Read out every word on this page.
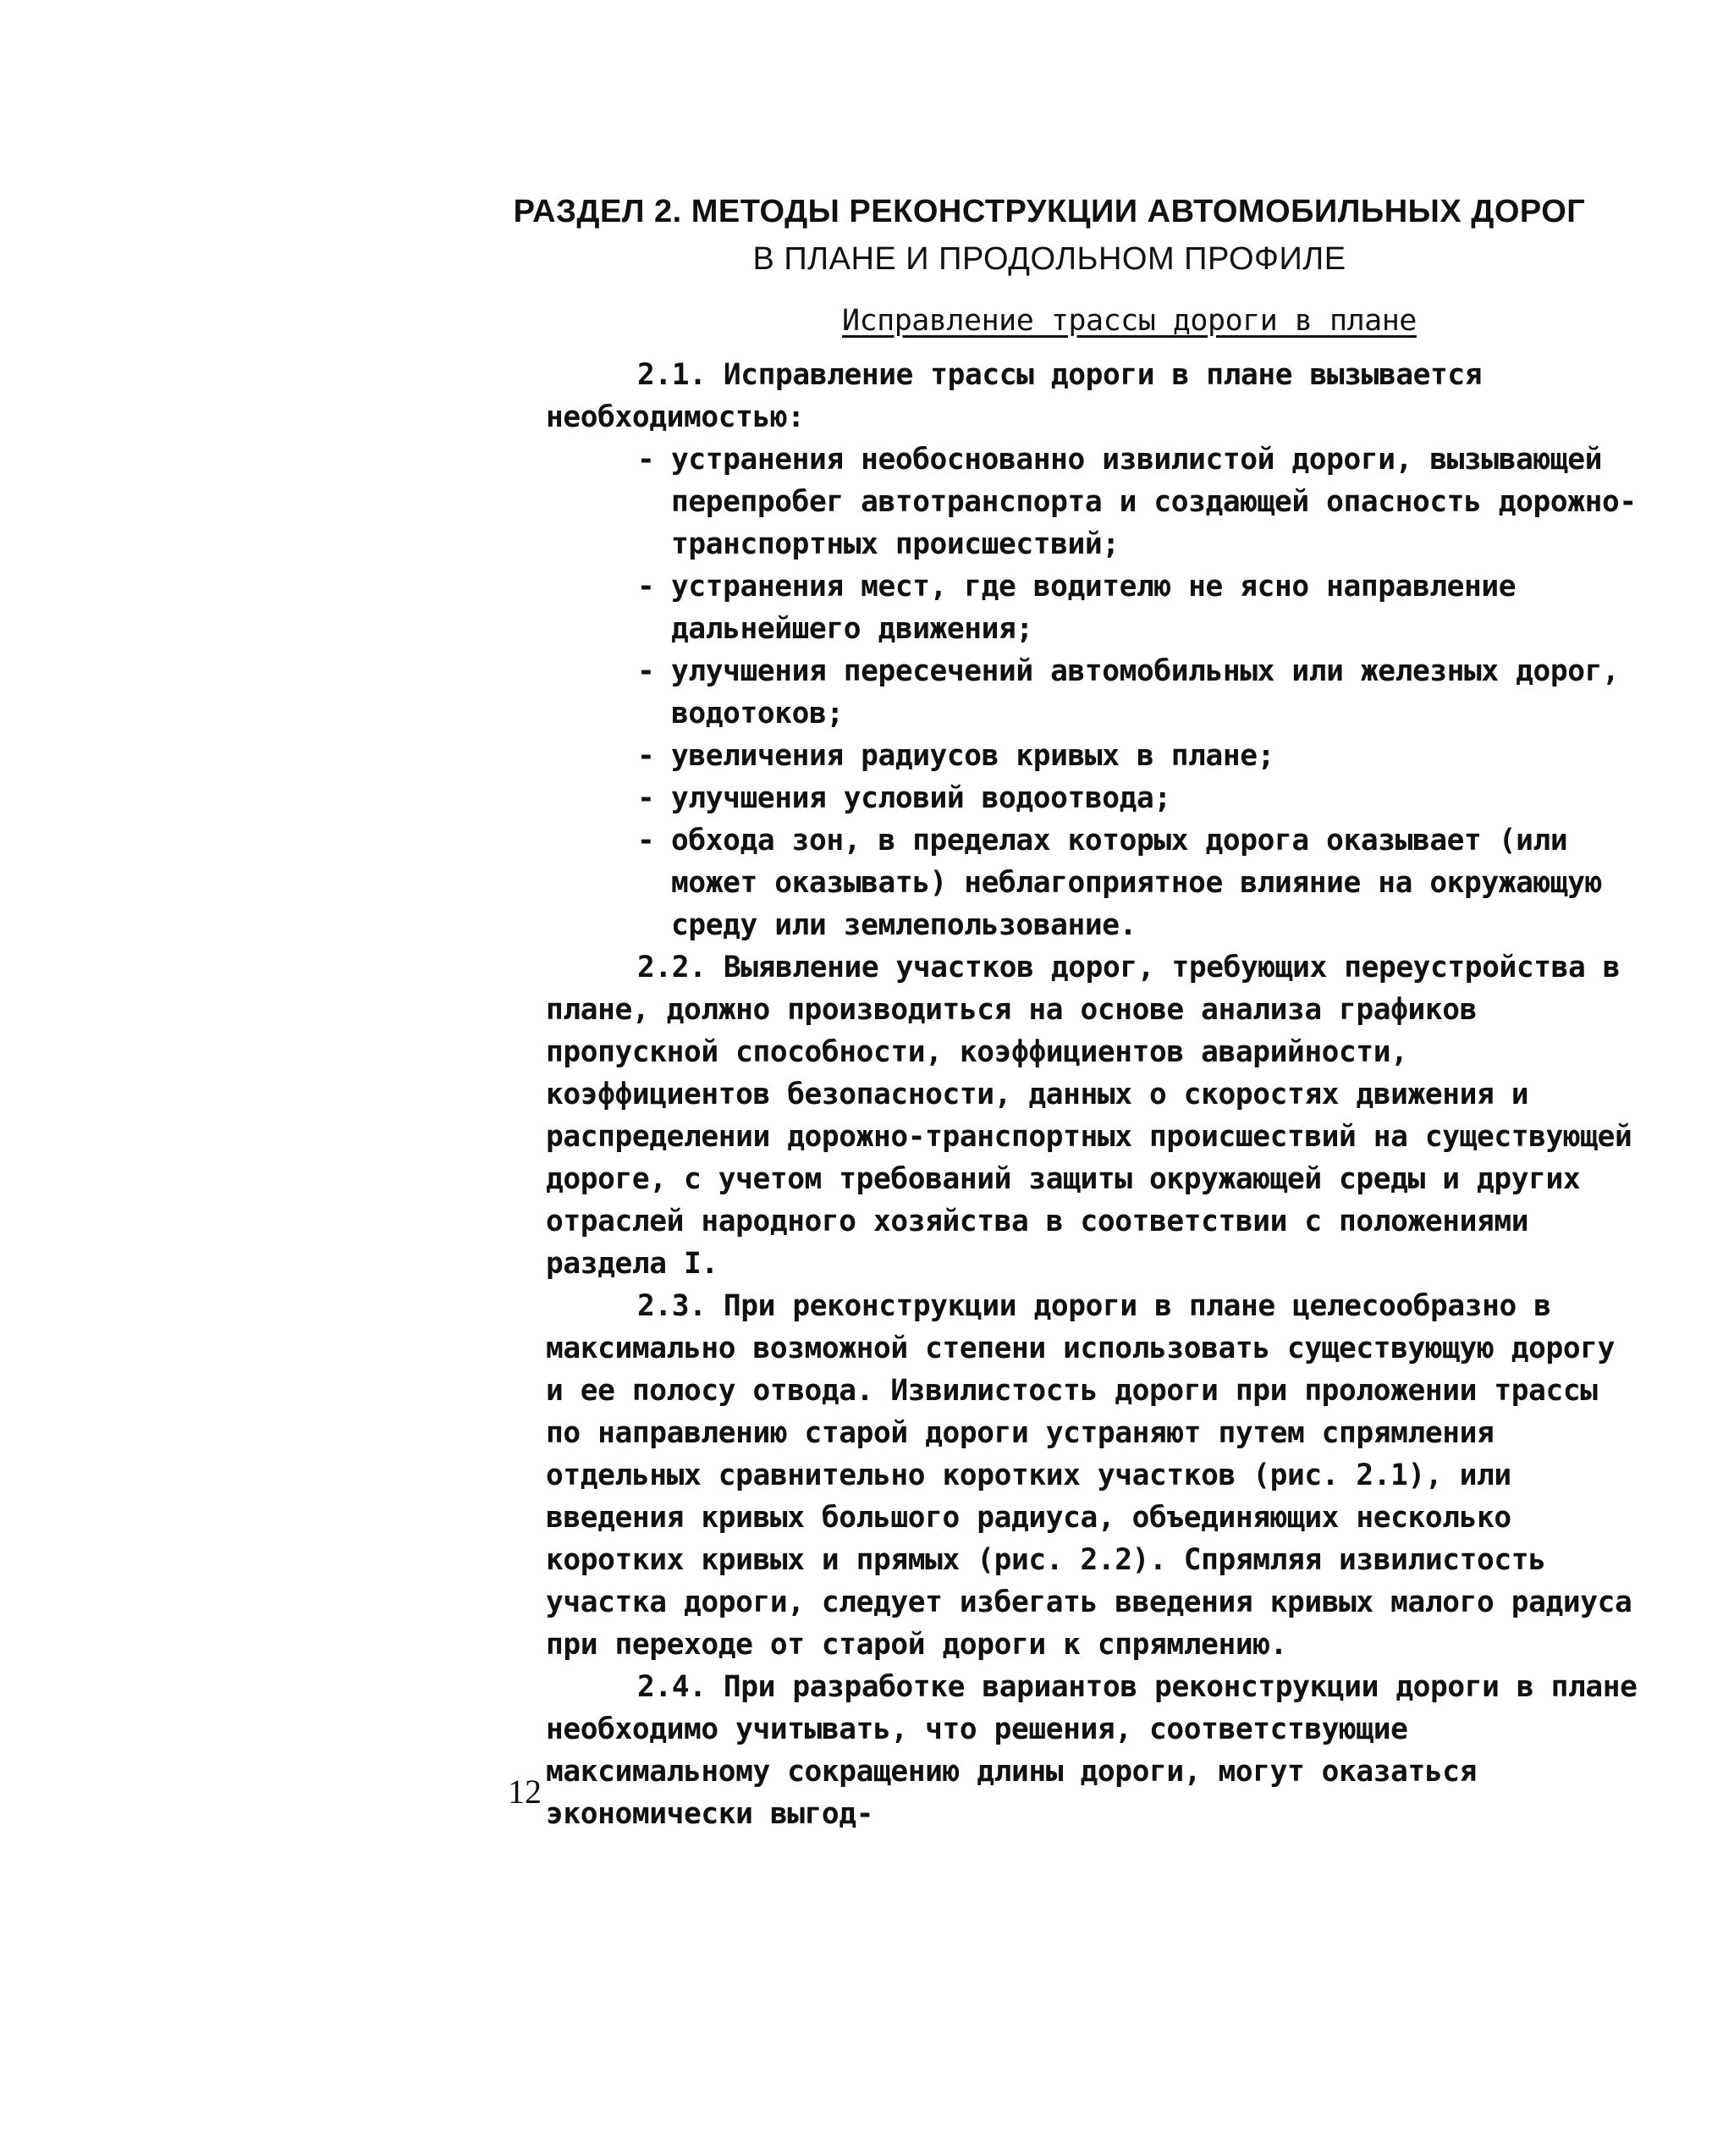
РАЗДЕЛ 2. МЕТОДЫ РЕКОНСТРУКЦИИ АВТОМОБИЛЬНЫХ ДОРОГ
В ПЛАНЕ И ПРОДОЛЬНОМ ПРОФИЛЕ
Исправление трассы дороги в плане

2.1. Исправление трассы дороги в плане вызывается необходимостью:

- устранения необоснованно извилистой дороги, вызывающей перепробег автотранспорта и создающей опасность дорожно-транспортных происшествий;
- устранения мест, где водителю не ясно направление дальнейшего движения;
- улучшения пересечений автомобильных или железных дорог, водотоков;
- увеличения радиусов кривых в плане;
- улучшения условий водоотвода;
- обхода зон, в пределах которых дорога оказывает (или может оказывать) неблагоприятное влияние на окружающую среду или землепользование.

2.2. Выявление участков дорог, требующих переустройства в плане, должно производиться на основе анализа графиков пропускной способности, коэффициентов аварийности, коэффициентов безопасности, данных о скоростях движения и распределении дорожно-транспортных происшествий на существующей дороге, с учетом требований защиты окружающей среды и других отраслей народного хозяйства в соответствии с положениями раздела I.

2.3. При реконструкции дороги в плане целесообразно в максимально возможной степени использовать существующую дорогу и ее полосу отвода. Извилистость дороги при проложении трассы по направлению старой дороги устраняют путем спрямления отдельных сравнительно коротких участков (рис. 2.1), или введения кривых большого радиуса, объединяющих несколько коротких кривых и прямых (рис. 2.2). Спрямляя извилистость участка дороги, следует избегать введения кривых малого радиуса при переходе от старой дороги к спрямлению.

2.4. При разработке вариантов реконструкции дороги в плане необходимо учитывать, что решения, соответствующие максимальному сокращению длины дороги, могут оказаться экономически выгод-

12
